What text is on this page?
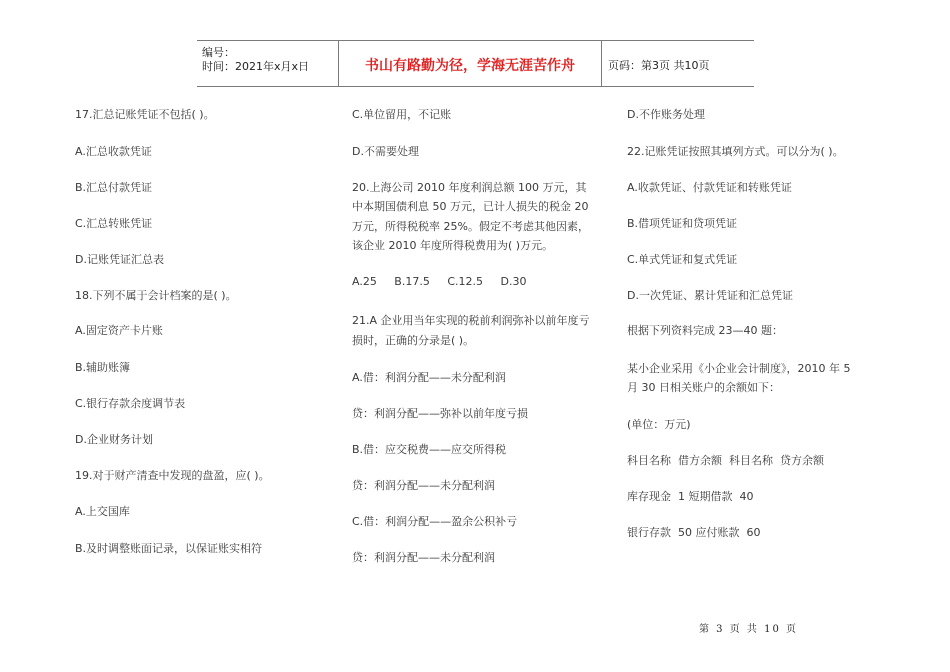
编号：
时间：2021年x月x日	书山有路勤为径，学海无涯苦作舟	页码：第3页 共10页
17.汇总记账凭证不包括( )。
A.汇总收款凭证
B.汇总付款凭证
C.汇总转账凭证
D.记账凭证汇总表
18.下列不属于会计档案的是( )。
A.固定资产卡片账
B.辅助账簿
C.银行存款余度调节表
D.企业财务计划
19.对于财产清查中发现的盘盈，应( )。
A.上交国库
B.及时调整账面记录，以保证账实相符
C.单位留用，不记账
D.不需要处理
20.上海公司 2010 年度利润总额 100 万元，其
中本期国债利息 50 万元，已计人损失的税金 20
万元，所得税税率 25%。假定不考虑其他因素，
该企业 2010 年度所得税费用为( )万元。
A.25     B.17.5     C.12.5     D.30
21.A 企业用当年实现的税前利润弥补以前年度亏
损时，正确的分录是( )。
A.借：利润分配——未分配利润
贷：利润分配——弥补以前年度亏损
B.借：应交税费——应交所得税
贷：利润分配——未分配利润
C.借：利润分配——盈余公积补亏
贷：利润分配——未分配利润
D.不作账务处理
22.记账凭证按照其填列方式。可以分为( )。
A.收款凭证、付款凭证和转账凭证
B.借项凭证和贷项凭证
C.单式凭证和复式凭证
D.一次凭证、累计凭证和汇总凭证
根据下列资料完成 23—40 题：
某小企业采用《小企业会计制度》，2010 年 5
月 30 日相关账户的余额如下：
(单位：万元)
科目名称  借方余额  科目名称  贷方余额
库存现金  1 短期借款  40
银行存款  50 应付账款  60
第 3 页 共 10 页
